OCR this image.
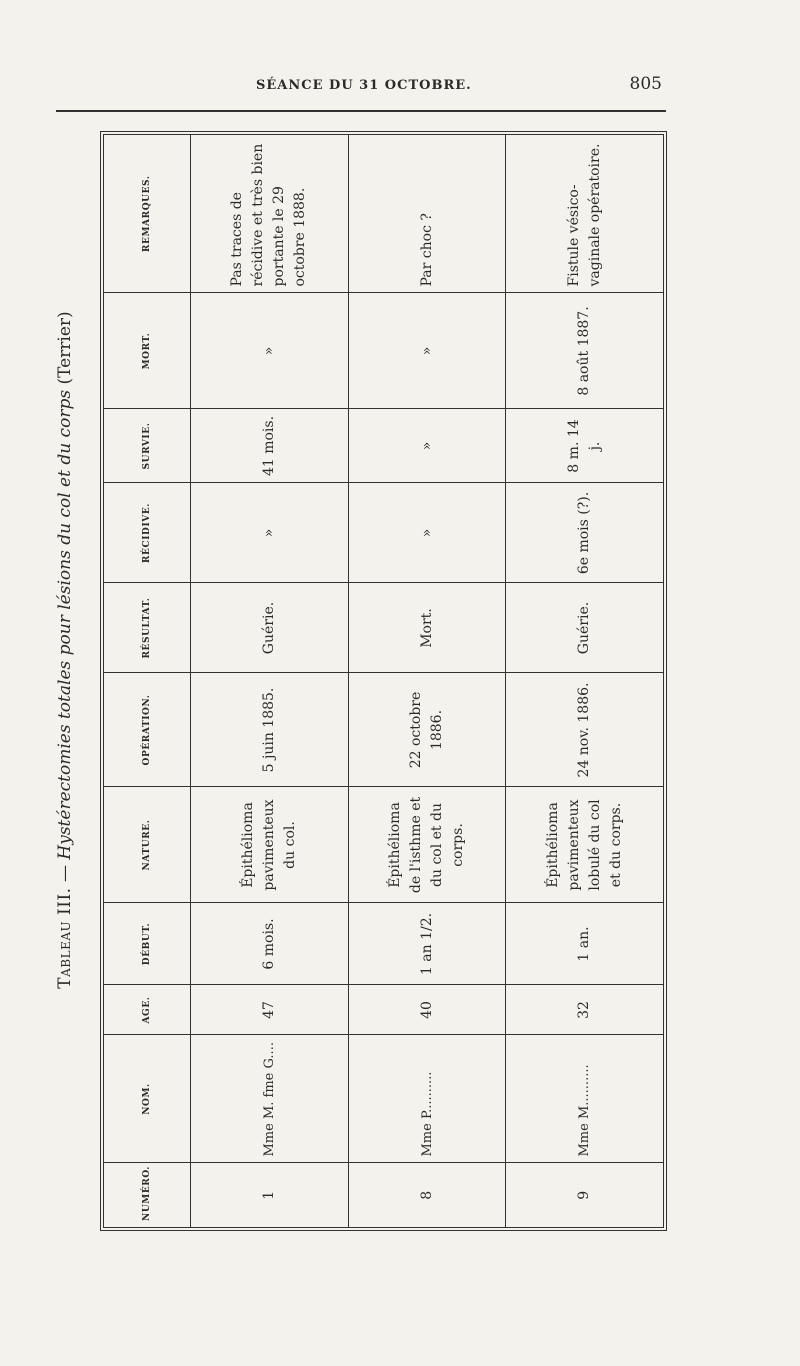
SÉANCE DU 31 OCTOBRE.	805
Tableau III. — Hystérectomies totales pour lésions du col et du corps (Terrier)
NUMÉRO.	NOM.	AGE.	DÉBUT.	NATURE.	OPÉRATION.	RÉSULTAT.	RÉCIDIVE.	SURVIE.	MORT.	REMARQUES.
1	Mme M. fme G....	47	6 mois.	Épithélioma pavimenteux du col.	5 juin 1885.	Guérie.	»	41 mois.	»	Pas traces de récidive et très bien portante le 29 octobre 1888.
8	Mme P..........	40	1 an 1/2.	Épithélioma de l'isthme et du col et du corps.	22 octobre 1886.	Mort.	»	»	»	Par choc ?
9	Mme M..........	32	1 an.	Épithélioma pavimenteux lobulé du col et du corps.	24 nov. 1886.	Guérie.	6e mois (?).	8 m. 14 j.	8 août 1887.	Fistule vésico-vaginale opératoire.
